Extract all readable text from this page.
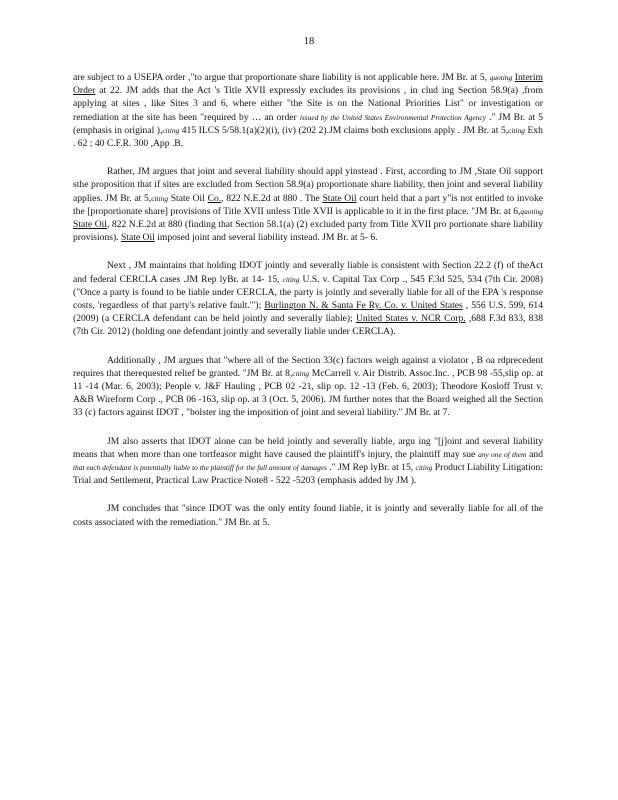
18

are subject to a USEPA order ,"to argue that proportionate share liability is not applicable here. JM Br. at 5, quoting Interim Order at 22. JM adds that the Act 's Title XVII expressly excludes its provisions , in clud ing Section 58.9(a) ,from applying at sites , like Sites 3 and 6, where either "the Site is on the National Priorities List" or investigation or remediation at the site has been "required by … an order issued by the United States Environmental Protection Agency ." JM Br. at 5 (emphasis in original ),citing 415 ILCS 5/58.1(a)(2)(i), (iv) (202 2).JM claims both exclusions apply . JM Br. at 5,citing Exh . 62 ; 40 C.F.R. 300 ,App .B.

Rather, JM argues that joint and several liability should appl yinstead . First, according to JM ,State Oil support sthe proposition that if sites are excluded from Section 58.9(a) proportionate share liability, then joint and several liability applies. JM Br. at 5,citing State Oil Co., 822 N.E.2d at 880 . The State Oil court held that a part y"is not entitled to invoke the [proportionate share] provisions of Title XVII unless Title XVII is applicable to it in the first place. "JM Br. at 6,quoting State Oil, 822 N.E.2d at 880 (finding that Section 58.1(a) (2) excluded party from Title XVII pro portionate share liability provisions). State Oil imposed joint and several liability instead. JM Br. at 5- 6.

Next , JM maintains that holding IDOT jointly and severally liable is consistent with Section 22.2 (f) of theAct and federal CERCLA cases .JM Rep lyBr. at 14- 15, citing U.S. v. Capital Tax Corp ., 545 F.3d 525, 534 (7th Cir. 2008) ("Once a party is found to be liable under CERCLA, the party is jointly and severally liable for all of the EPA 's response costs, 'regardless of that party's relative fault.'"); Burlington N. & Santa Fe Ry. Co. v. United States , 556 U.S. 599, 614 (2009) (a CERCLA defendant can be held jointly and severally liable); United States v. NCR Corp. ,688 F.3d 833, 838 (7th Cir. 2012) (holding one defendant jointly and severally liable under CERCLA).

Additionally , JM argues that "where all of the Section 33(c) factors weigh against a violator , B oa rdprecedent requires that therequested relief be granted. "JM Br. at 8,citing McCarrell v. Air Distrib. Assoc.Inc. , PCB 98 -55,slip op. at 11 -14 (Mar. 6, 2003); People v. J&F Hauling , PCB 02 -21, slip op. 12 -13 (Feb. 6, 2003); Theodore Kosloff Trust v. A&B Wireform Corp ., PCB 06 -163, slip op. at 3 (Oct. 5, 2006). JM further notes that the Board weighed all the Section 33 (c) factors against IDOT , "bolster ing the imposition of joint and several liability." JM Br. at 7.

JM also asserts that IDOT alone can be held jointly and severally liable, argu ing "[j]oint and several liability means that when more than one tortfeasor might have caused the plaintiff's injury, the plaintiff may sue any one of them and that each defendant is potentially liable to the plaintiff for the full amount of damages ." JM Rep lyBr. at 15, citing Product Liability Litigation: Trial and Settlement, Practical Law Practice Note8 - 522 -5203 (emphasis added by JM ).

JM concludes that "since IDOT was the only entity found liable, it is jointly and severally liable for all of the costs associated with the remediation." JM Br. at 5.
